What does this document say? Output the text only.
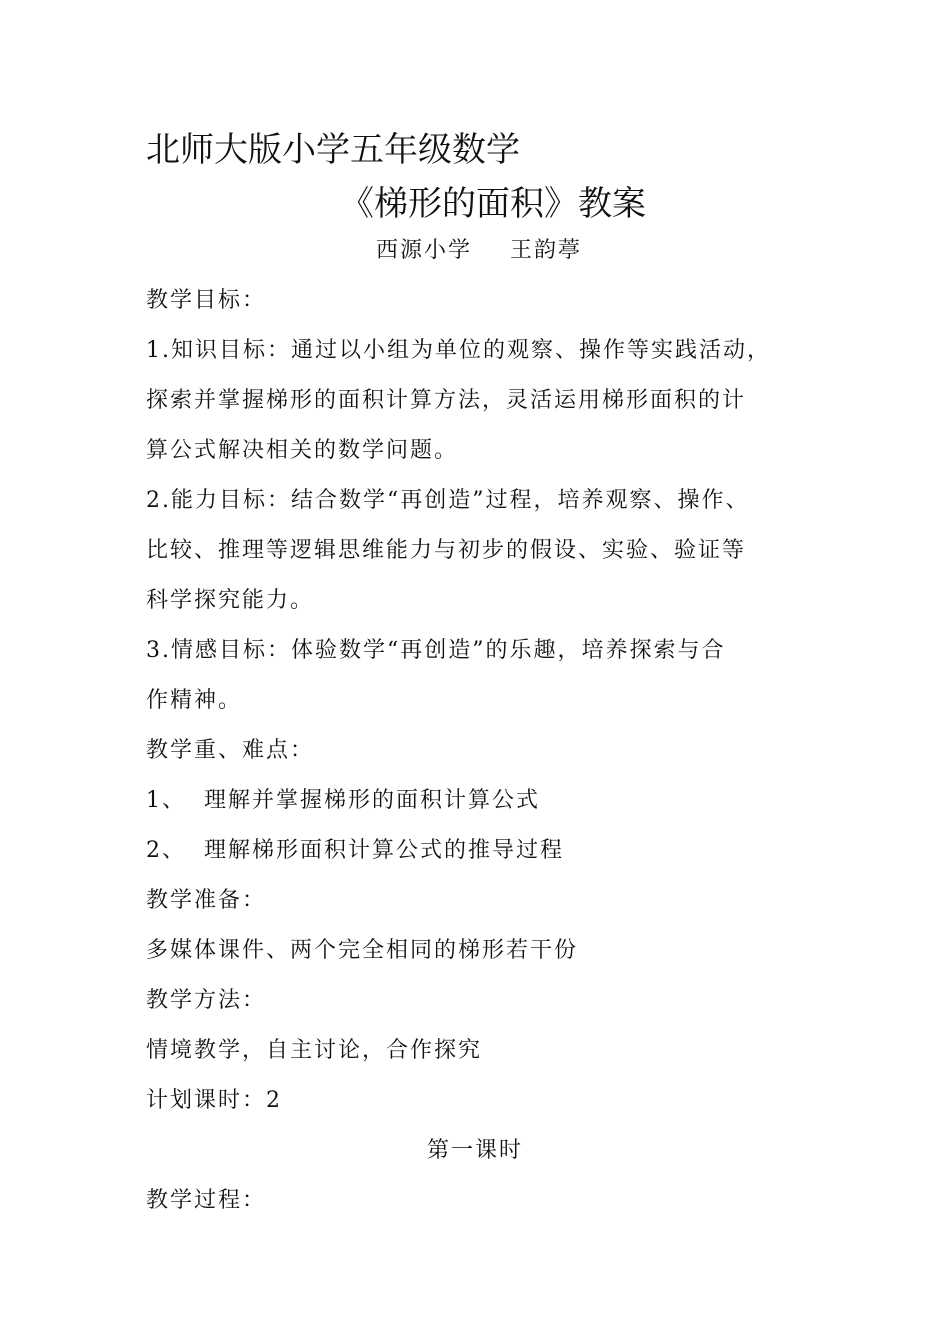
北师大版小学五年级数学
《梯形的面积》教案
西源小学 王韵葶
教学目标：
1.知识目标：通过以小组为单位的观察、操作等实践活动，
探索并掌握梯形的面积计算方法，灵活运用梯形面积的计
算公式解决相关的数学问题。
2.能力目标：结合数学“再创造”过程，培养观察、操作、
比较、推理等逻辑思维能力与初步的假设、实验、验证等
科学探究能力。
3.情感目标：体验数学“再创造”的乐趣，培养探索与合
作精神。
教学重、难点：
1、 理解并掌握梯形的面积计算公式
2、 理解梯形面积计算公式的推导过程
教学准备：
多媒体课件、两个完全相同的梯形若干份
教学方法：
情境教学，自主讨论，合作探究
计划课时：2
第一课时
教学过程：
